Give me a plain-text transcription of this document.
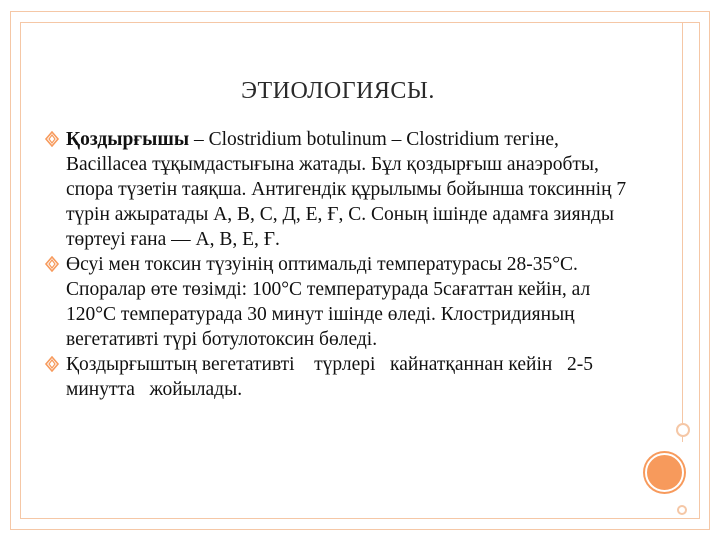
ЭТИОЛОГИЯСЫ.

Қоздырғышы – Clostridium botulinum – Clostridium тегіне, Bacillacea тұқымдастығына жатады. Бұл қоздырғыш анаэробты, спора түзетін таяқша. Антигендік құрылымы бойынша токсиннің 7 түрін ажыратады А, В, С, Д, Е, Ғ, С. Соның ішінде адамға зиянды төртеуі ғана — А, В, Е, Ғ.

Өсуі мен токсин түзуінің оптимальді температурасы 28-35°С. Споралар өте төзімді: 100°С температурада 5сағаттан кейін, ал 120°С температурада 30 минут ішінде өледі. Клостридияның вегетативті түрі ботулотоксин бөледі.

Қоздырғыштың вегетативті    түрлері   кайнатқаннан кейін   2-5   минутта   жойылады.
